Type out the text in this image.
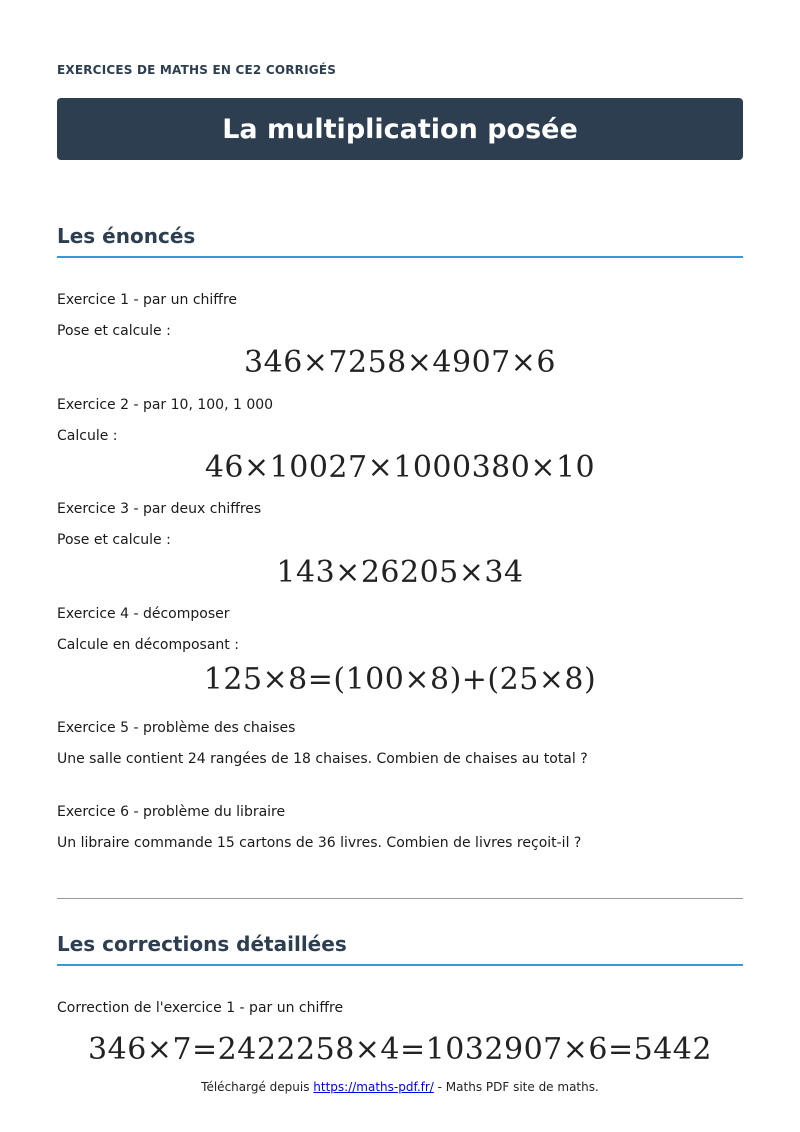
EXERCICES DE MATHS EN CE2 CORRIGÉS
La multiplication posée
Les énoncés
Exercice 1 - par un chiffre
Pose et calcule :
346×7258×4907×6
Exercice 2 - par 10, 100, 1 000
Calcule :
46×10027×1000380×10
Exercice 3 - par deux chiffres
Pose et calcule :
143×26205×34
Exercice 4 - décomposer
Calcule en décomposant :
125×8=(100×8)+(25×8)
Exercice 5 - problème des chaises
Une salle contient 24 rangées de 18 chaises. Combien de chaises au total ?
Exercice 6 - problème du libraire
Un libraire commande 15 cartons de 36 livres. Combien de livres reçoit-il ?
Les corrections détaillées
Correction de l'exercice 1 - par un chiffre
346×7=2422258×4=1032907×6=5442
Téléchargé depuis https://maths-pdf.fr/ - Maths PDF site de maths.
